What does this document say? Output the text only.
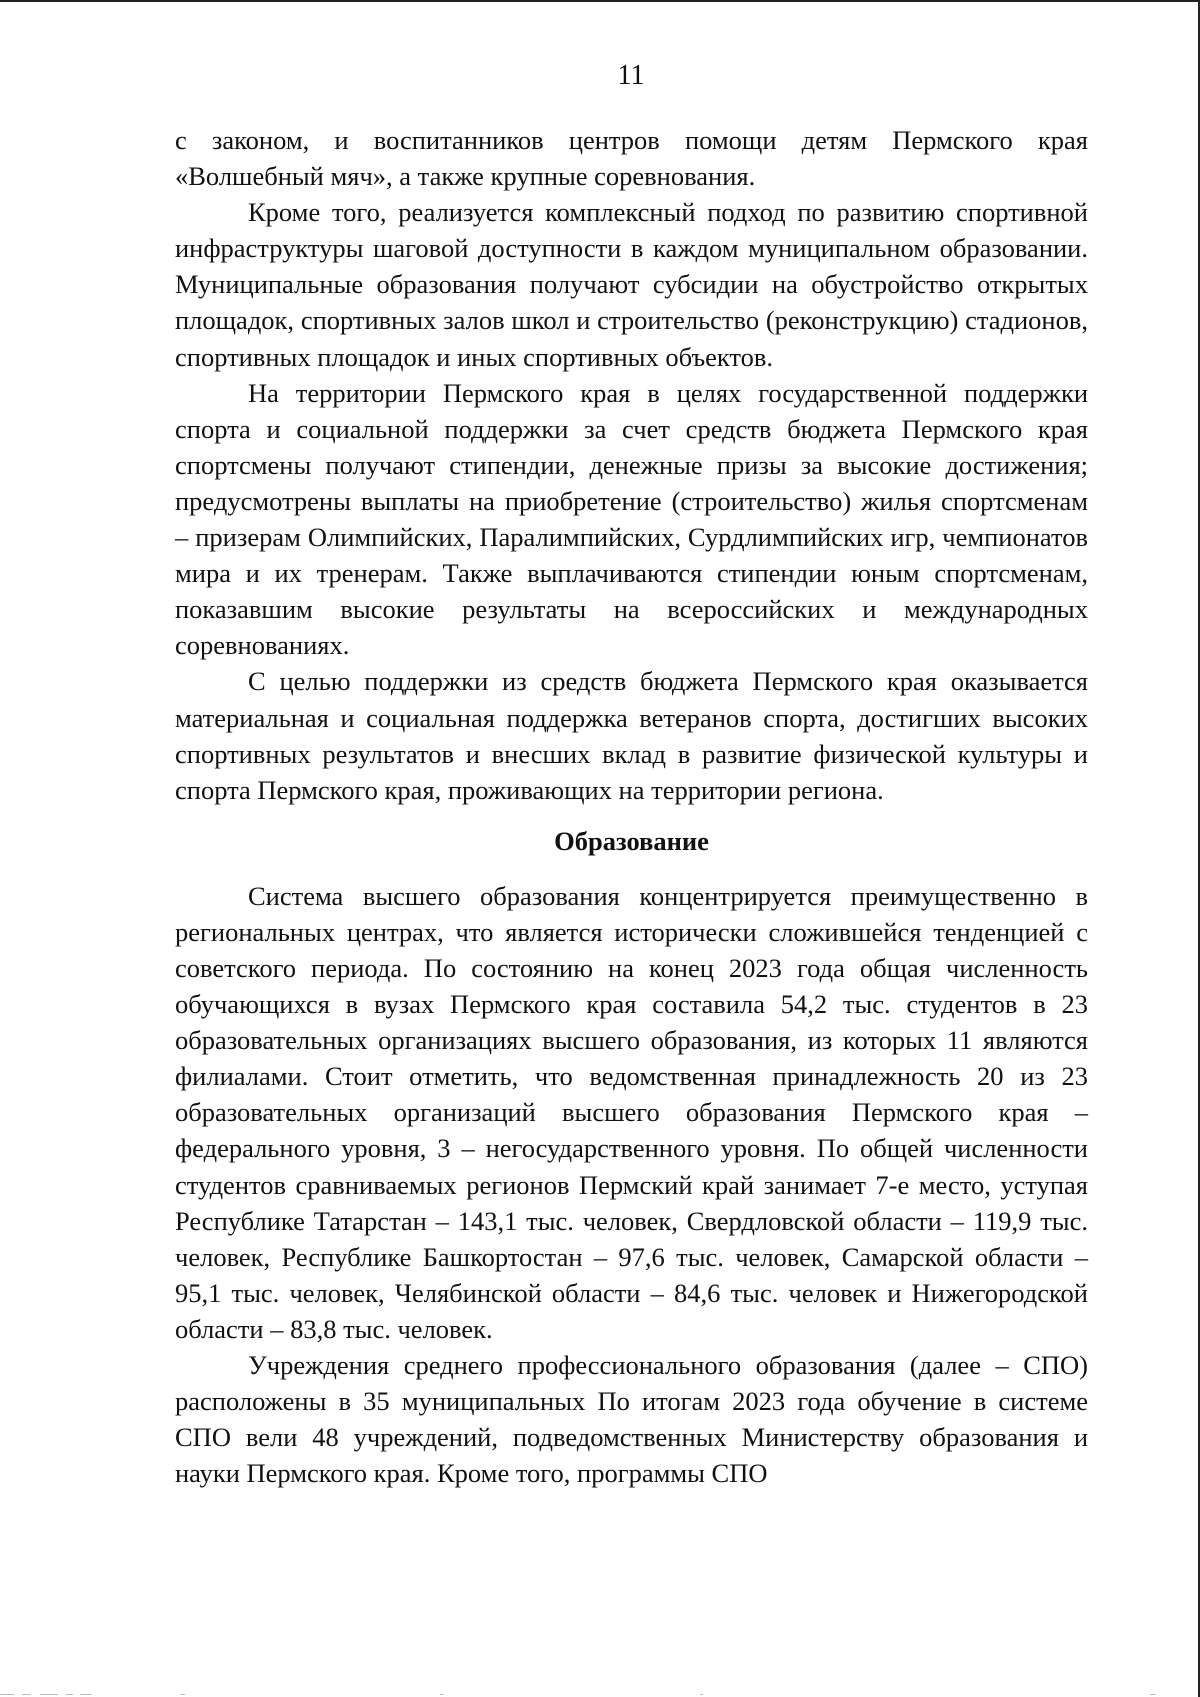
11

с законом, и воспитанников центров помощи детям Пермского края «Волшебный мяч», а также крупные соревнования.

Кроме того, реализуется комплексный подход по развитию спортивной инфраструктуры шаговой доступности в каждом муниципальном образовании. Муниципальные образования получают субсидии на обустройство открытых площадок, спортивных залов школ и строительство (реконструкцию) стадионов, спортивных площадок и иных спортивных объектов.

На территории Пермского края в целях государственной поддержки спорта и социальной поддержки за счет средств бюджета Пермского края спортсмены получают стипендии, денежные призы за высокие достижения; предусмотрены выплаты на приобретение (строительство) жилья спортсменам – призерам Олимпийских, Паралимпийских, Сурдлимпийских игр, чемпионатов мира и их тренерам. Также выплачиваются стипендии юным спортсменам, показавшим высокие результаты на всероссийских и международных соревнованиях.

С целью поддержки из средств бюджета Пермского края оказывается материальная и социальная поддержка ветеранов спорта, достигших высоких спортивных результатов и внесших вклад в развитие физической культуры и спорта Пермского края, проживающих на территории региона.

Образование

Система высшего образования концентрируется преимущественно в региональных центрах, что является исторически сложившейся тенденцией с советского периода. По состоянию на конец 2023 года общая численность обучающихся в вузах Пермского края составила 54,2 тыс. студентов в 23 образовательных организациях высшего образования, из которых 11 являются филиалами. Стоит отметить, что ведомственная принадлежность 20 из 23 образовательных организаций высшего образования Пермского края – федерального уровня, 3 – негосударственного уровня. По общей численности студентов сравниваемых регионов Пермский край занимает 7-е место, уступая Республике Татарстан – 143,1 тыс. человек, Свердловской области – 119,9 тыс. человек, Республике Башкортостан – 97,6 тыс. человек, Самарской области – 95,1 тыс. человек, Челябинской области – 84,6 тыс. человек и Нижегородской области – 83,8 тыс. человек.

Учреждения среднего профессионального образования (далее – СПО) расположены в 35 муниципальных По итогам 2023 года обучение в системе СПО вели 48 учреждений, подведомственных Министерству образования и науки Пермского края. Кроме того, программы СПО
